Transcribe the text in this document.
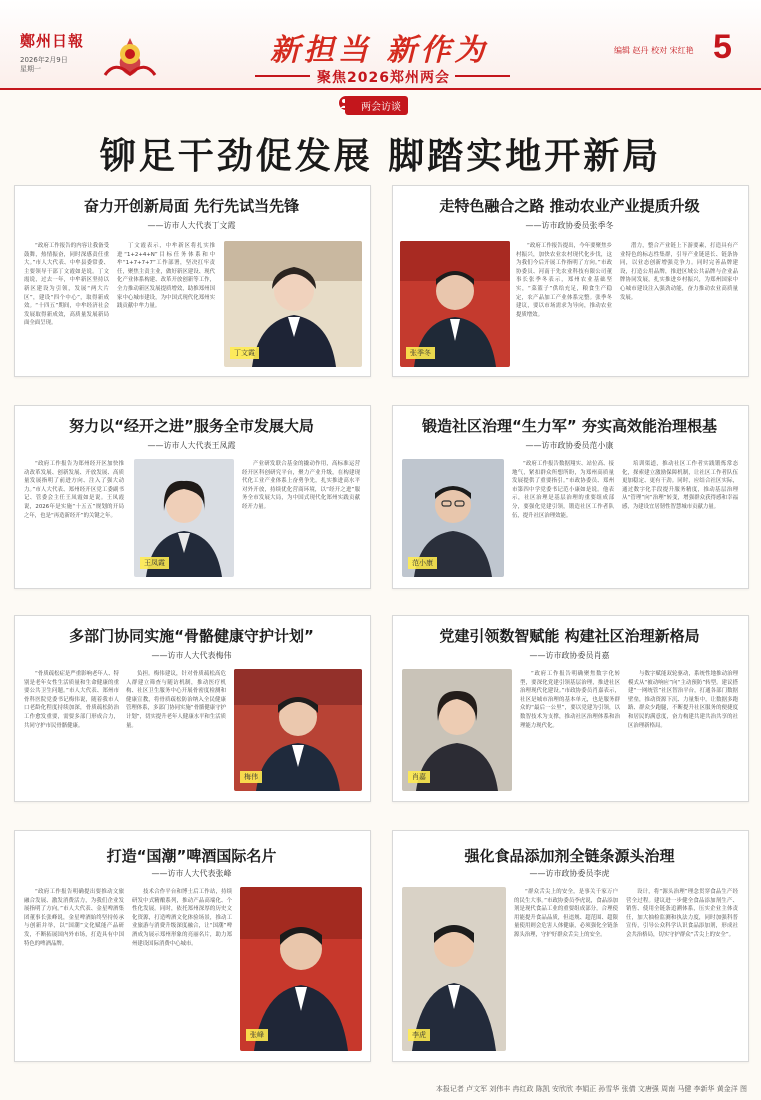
鄭州日報
2026年2月9日
星期一
新担当 新作为
聚焦2026郑州两会
编辑 赵丹 校对 宋红艳 5
两会访谈
铆足干劲促发展 脚踏实地开新局
奋力开创新局面 先行先试当先锋
——访市人大代表丁文霞
“政府工作报告的内容让我备受鼓舞，热情振奋，同时深感责任重大。”市人大代表、中牟县委常委、主要领导干部丁文霞如是说。丁文霞说，过去一年，中牟新区坚持以新区建设为引领，发展“两大片区”，建设“四个中心”，取得新成效。“十四五”期间，中牟经济社会发展取得新成效，高质量发展新局面全面呈现。
丁文霞表示，中牟新区将扎实推进“1+2+4+N”目标任务体系和中牟“1+7+7+7”工作部署，坚决扛牢责任，聚焦主责主业，做好新区建设、现代化产业体系构建、改革开放创新等工作，全力推动新区发展提质增效，助推郑州国家中心城市建设，为中国式现代化郑州实践贡献中牟力量。
丁文霞
走特色融合之路 推动农业产业提质升级
——访市政协委员张季冬
张季冬
“政府工作报告提出，今年要聚焦乡村振兴，加快农业农村现代化步伐，这为我们今后开展工作指明了方向。”市政协委员、河南于先农业科技有限公司董事长张季冬表示，郑州农业基础坚实，“菜篮子”供给充足，粮食生产稳定，农产品加工产业体系完整。张季冬建议，要以市场需求为导向，推动农业提质增效。
潜力，整合产业链上下游要素，打造具有产业特色的标志性集群，引导产业链延长、链条协同，以业态创新增强竞争力。同时完善品牌建设，打造公用品牌，推进区域公共品牌与企业品牌协同发展，扎实推进乡村振兴，为郑州国家中心城市建设注入强劲动能，奋力推动农业高质量发展。
努力以“经开之进”服务全市发展大局
——访市人大代表王凤霞
“政府工作报告为郑州经开区加快推动改革发展、创新发展、开放发展、高质量发展指明了前进方向、注入了强大动力。”市人大代表、郑州经开区党工委副书记、管委会主任王凤霞如是说。王凤霞说，2026年是实施“十五五”规划的开局之年，也是“再造新经开”的关键之年。
王凤霞
产业研发联合基金的撬动作用，高标准运营经开区科创研究平台，聚力产业升级，在构建现代化工业产业体系上奋勇争先，扎实推进高水平对外开放，持续优化营商环境，以“经开之进”服务全市发展大局，为中国式现代化郑州实践贡献经开力量。
锻造社区治理“生力军” 夯实高效能治理根基
——访市政协委员范小康
范小康
“政府工作报告数据翔实、站位高、接地气，紧扣群众所想所盼，为郑州高质量发展提供了重要指引。”市政协委员、郑州市第四中学党委书记范小康如是说。他表示，社区治理是基层治理的重要组成部分，要强化党建引领，锻造社区工作者队伍，提升社区治理效能。
培训渠道，推动社区工作者实践锻炼常态化，探索建立激励保障机制，让社区工作者队伍更加稳定、更有干劲。同时，应结合社区实际，通过数字化手段提升服务精度，推动基层治理从“管理”向“治理”转变，增强群众获得感和幸福感，为建设宜居韧性智慧城市贡献力量。
多部门协同实施“骨骼健康守护计划”
——访市人大代表梅伟
“骨质疏松症是严重影响老年人、特别是老年女性生活质量和生命健康的重要公共卫生问题。”市人大代表、郑州市骨科医院党委书记梅伟说，随着我市人口老龄化程度持续加深，骨质疏松防治工作愈发重要，需要多部门形成合力，共同守护市民骨骼健康。
负担。梅伟建议，针对骨质疏松高危人群建立筛查与随访机制，推动医疗机构、社区卫生服务中心开展骨密度检测和健康宣教，将骨质疏松防治纳入全民健康管理体系，多部门协同实施“骨骼健康守护计划”，切实提升老年人健康水平和生活质量。
梅伟
党建引领数智赋能 构建社区治理新格局
——访市政协委员肖嘉
肖嘉
“政府工作报告明确聚焦数字化转型，要深化党建引领基层治理，推进社区治理现代化建设。”市政协委员肖嘉表示，社区是城市治理的基本单元，也是服务群众的“最后一公里”，要以党建为引领，以数智技术为支撑，推动社区治理体系和治理能力现代化。
与数字赋能双轮驱动，系统性地推动治理模式从“被动响应”向“主动预防”转型。建议搭建“一网统管”社区智治平台，打通各部门数据壁垒，推动资源下沉、力量集中，让数据多跑路、群众少跑腿，不断提升社区服务的便捷度和居民的满意度，奋力构建共建共治共享的社区治理新格局。
打造“国潮”啤酒国际名片
——访市人大代表张峰
“政府工作报告明确提出要推动文旅融合发展、激发消费活力，为我们企业发展指明了方向。”市人大代表、金星啤酒集团董事长张峰说，金星啤酒始终坚持传承与创新并举，以“国潮”文化赋能产品研发，不断拓展国内外市场，打造具有中国特色的啤酒品牌。
技术合作平台和博士后工作站，持续研发中式精酿系列，推动产品高端化、个性化发展。同时，依托郑州深厚的历史文化资源，打造啤酒文化体验场景，推动工业旅游与消费升级深度融合，让“国潮”啤酒成为展示郑州形象的亮丽名片，助力郑州建设国际消费中心城市。
张峰
强化食品添加剂全链条源头治理
——访市政协委员李虎
李虎
“群众舌尖上的安全，是事关千家万户的民生大事。”市政协委员李虎说，食品添加剂是现代食品工业的重要组成部分，合理使用能提升食品品质，但违规、超范围、超限量使用则会危害人体健康，必须强化全链条源头治理，守护好群众舌尖上的安全。
设计，将“源头治理”理念贯穿食品生产经营全过程。建议进一步健全食品添加剂生产、销售、使用全链条追溯体系，压实企业主体责任，加大抽检监测和执法力度，同时加强科普宣传，引导公众科学认识食品添加剂，形成社会共治格局，切实守护群众“舌尖上的安全”。
本报记者 卢文军 刘伟丰 冉红政 陈凯 安欣欣 李娟正 孙雪华 张倩 文唐强 周南 马健 李新华 黄金洋 图
